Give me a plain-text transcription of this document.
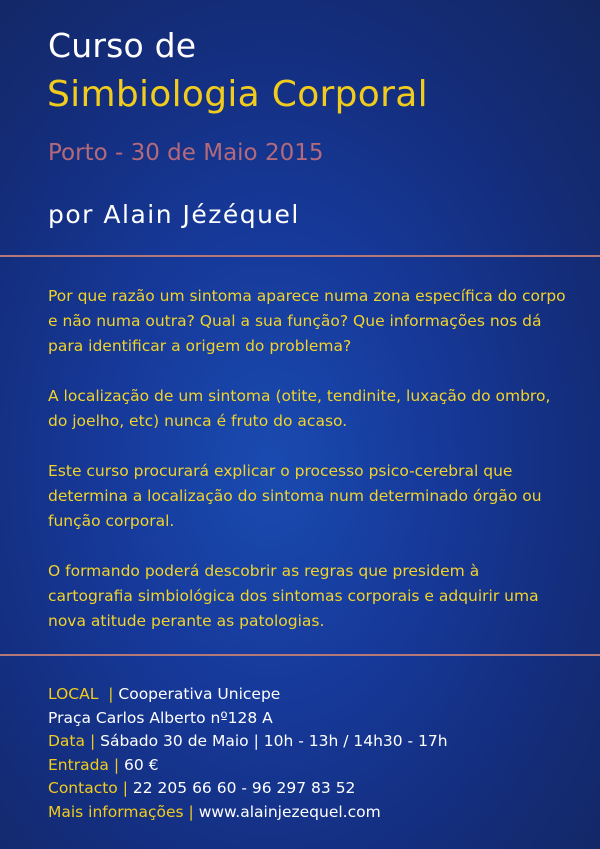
Curso de
Simbiologia Corporal
Porto - 30 de Maio 2015
por Alain Jézéquel

Por que razão um sintoma aparece numa zona específica do corpo e não numa outra? Qual a sua função? Que informações nos dá para identificar a origem do problema?

A localização de um sintoma (otite, tendinite, luxação do ombro, do joelho, etc) nunca é fruto do acaso.

Este curso procurará explicar o processo psico-cerebral que determina a localização do sintoma num determinado órgão ou função corporal.

O formando poderá descobrir as regras que presidem à cartografia simbiológica dos sintomas corporais e adquirir uma nova atitude perante as patologias.

LOCAL | Cooperativa Unicepe
Praça Carlos Alberto nº128 A
Data | Sábado 30 de Maio | 10h - 13h / 14h30 - 17h
Entrada | 60 €
Contacto | 22 205 66 60 - 96 297 83 52
Mais informações | www.alainjezequel.com
